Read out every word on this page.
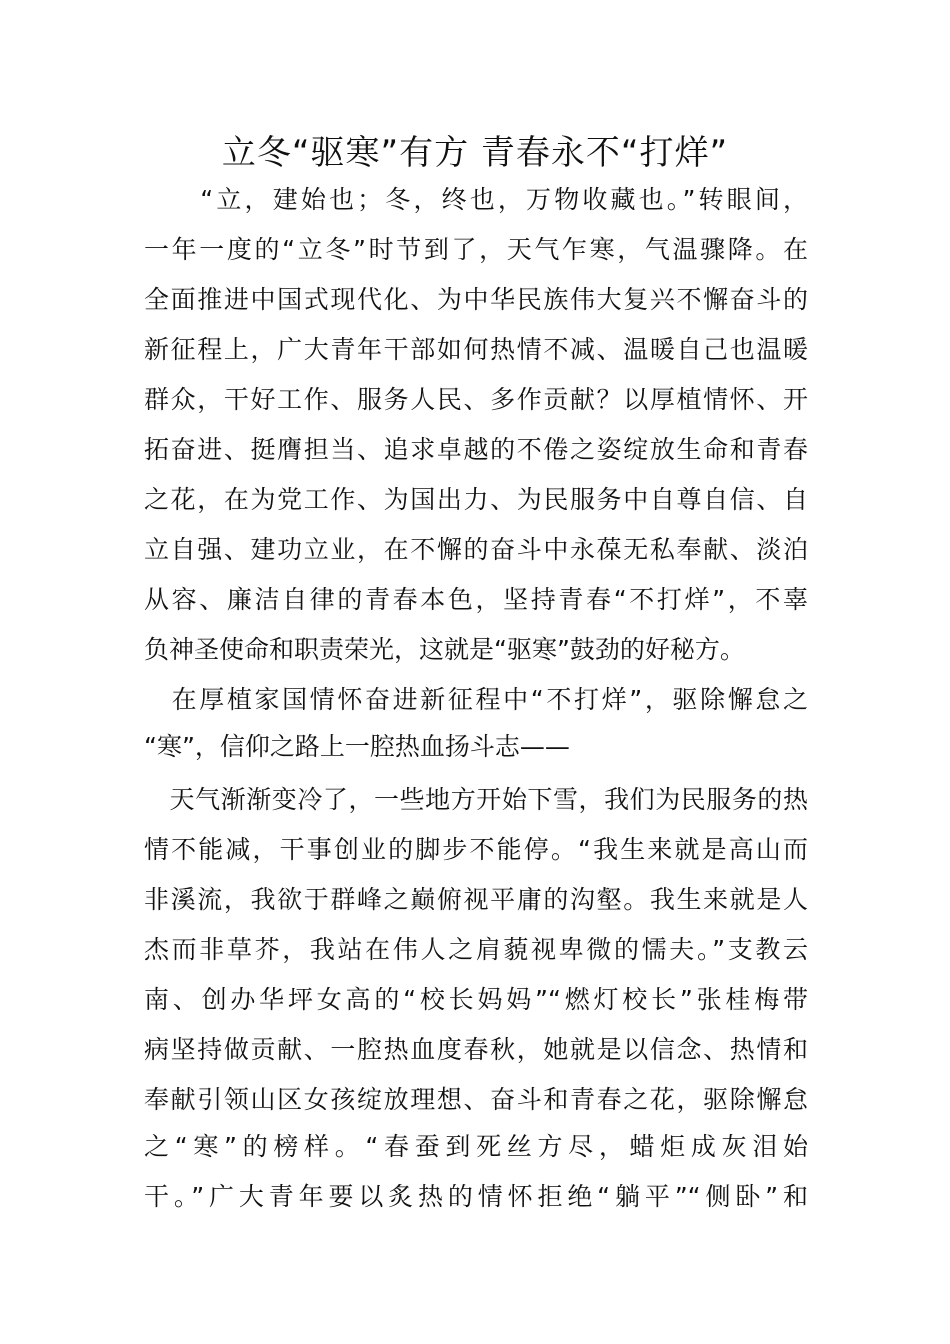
立冬“驱寒”有方 青春永不“打烊”
　　“立，建始也；冬，终也，万物收藏也。”转眼间，
一年一度的“立冬”时节到了，天气乍寒，气温骤降。在
全面推进中国式现代化、为中华民族伟大复兴不懈奋斗的
新征程上，广大青年干部如何热情不减、温暖自己也温暖
群众，干好工作、服务人民、多作贡献？以厚植情怀、开
拓奋进、挺膺担当、追求卓越的不倦之姿绽放生命和青春
之花，在为党工作、为国出力、为民服务中自尊自信、自
立自强、建功立业，在不懈的奋斗中永葆无私奉献、淡泊
从容、廉洁自律的青春本色，坚持青春“不打烊”，不辜
负神圣使命和职责荣光，这就是“驱寒”鼓劲的好秘方。
　在厚植家国情怀奋进新征程中“不打烊”，驱除懈怠之
“寒”，信仰之路上一腔热血扬斗志——
　天气渐渐变冷了，一些地方开始下雪，我们为民服务的热
情不能减，干事创业的脚步不能停。“我生来就是高山而
非溪流，我欲于群峰之巅俯视平庸的沟壑。我生来就是人
杰而非草芥，我站在伟人之肩藐视卑微的懦夫。”支教云
南、创办华坪女高的“校长妈妈”“燃灯校长”张桂梅带
病坚持做贡献、一腔热血度春秋，她就是以信念、热情和
奉献引领山区女孩绽放理想、奋斗和青春之花，驱除懈怠
之“寒”的榜样。“春蚕到死丝方尽，蜡炬成灰泪始
干。”广大青年要以炙热的情怀拒绝“躺平”“侧卧”和
